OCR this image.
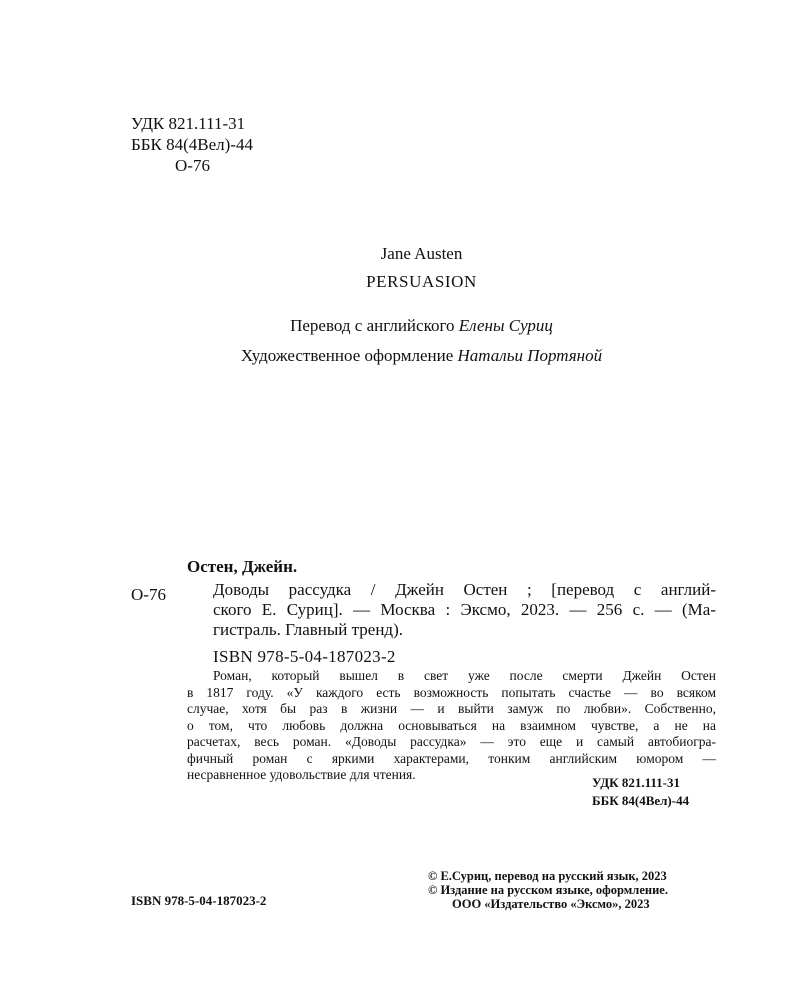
УДК 821.111-31
ББК 84(4Вел)-44
О-76
Jane Austen
PERSUASION
Перевод с английского Елены Суриц
Художественное оформление Натальи Портяной
Остен, Джейн.
О-76	Доводы рассудка / Джейн Остен ; [перевод с англий-
ского Е. Суриц]. — Москва : Эксмо, 2023. — 256 с. — (Ма-
гистраль. Главный тренд).
ISBN 978-5-04-187023-2
Роман, который вышел в свет уже после смерти Джейн Остен
в 1817 году. «У каждого есть возможность попытать счастье — во всяком
случае, хотя бы раз в жизни — и выйти замуж по любви». Собственно,
о том, что любовь должна основываться на взаимном чувстве, а не на
расчетах, весь роман. «Доводы рассудка» — это еще и самый автобиогра-
фичный роман с яркими характерами, тонким английским юмором —
несравненное удовольствие для чтения.
УДК 821.111-31
ББК 84(4Вел)-44
© Е.Суриц, перевод на русский язык, 2023
© Издание на русском языке, оформление.
ООО «Издательство «Эксмо», 2023
ISBN 978-5-04-187023-2
